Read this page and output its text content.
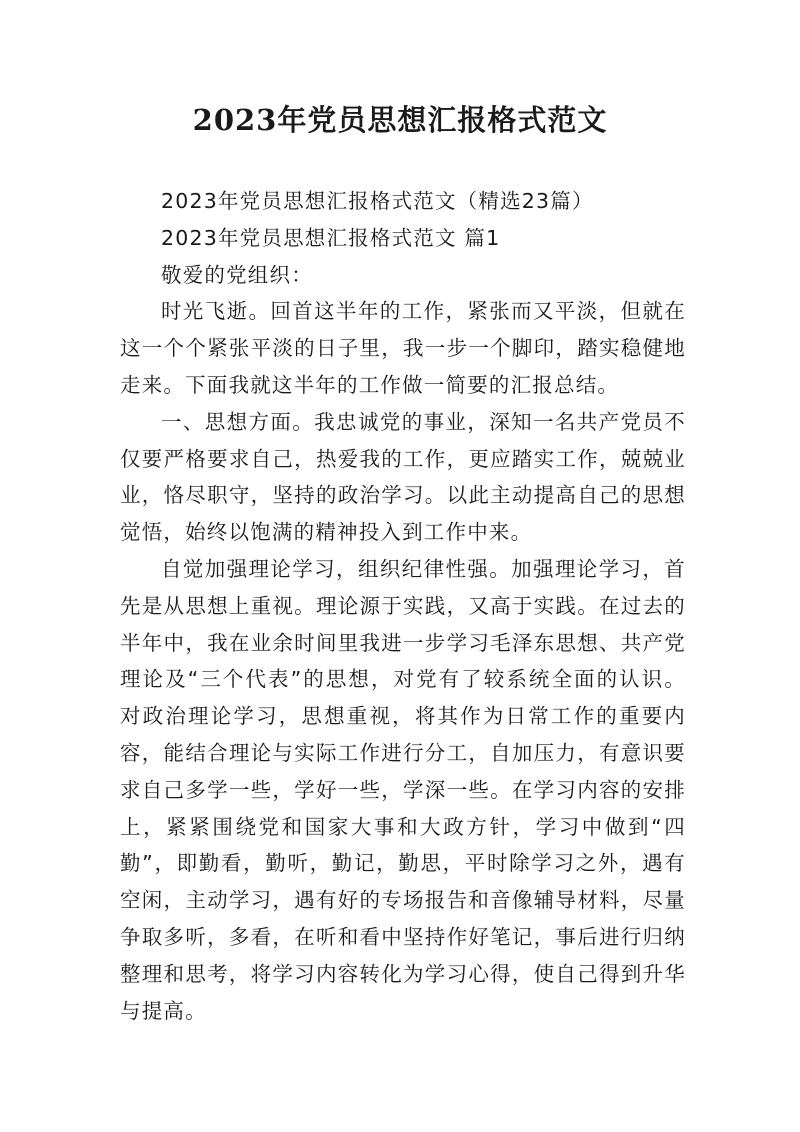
2023年党员思想汇报格式范文

2023年党员思想汇报格式范文（精选23篇）

2023年党员思想汇报格式范文 篇1

敬爱的党组织：

时光飞逝。回首这半年的工作，紧张而又平淡，但就在这一个个紧张平淡的日子里，我一步一个脚印，踏实稳健地走来。下面我就这半年的工作做一简要的汇报总结。

一、思想方面。我忠诚党的事业，深知一名共产党员不仅要严格要求自己，热爱我的工作，更应踏实工作，兢兢业业，恪尽职守，坚持的政治学习。以此主动提高自己的思想觉悟，始终以饱满的精神投入到工作中来。

自觉加强理论学习，组织纪律性强。加强理论学习，首先是从思想上重视。理论源于实践，又高于实践。在过去的半年中，我在业余时间里我进一步学习毛泽东思想、共产党理论及“三个代表”的思想，对党有了较系统全面的认识。对政治理论学习，思想重视，将其作为日常工作的重要内容，能结合理论与实际工作进行分工，自加压力，有意识要求自己多学一些，学好一些，学深一些。在学习内容的安排上，紧紧围绕党和国家大事和大政方针，学习中做到“四勤”，即勤看，勤听，勤记，勤思，平时除学习之外，遇有空闲，主动学习，遇有好的专场报告和音像辅导材料，尽量争取多听，多看，在听和看中坚持作好笔记，事后进行归纳整理和思考，将学习内容转化为学习心得，使自己得到升华与提高。
